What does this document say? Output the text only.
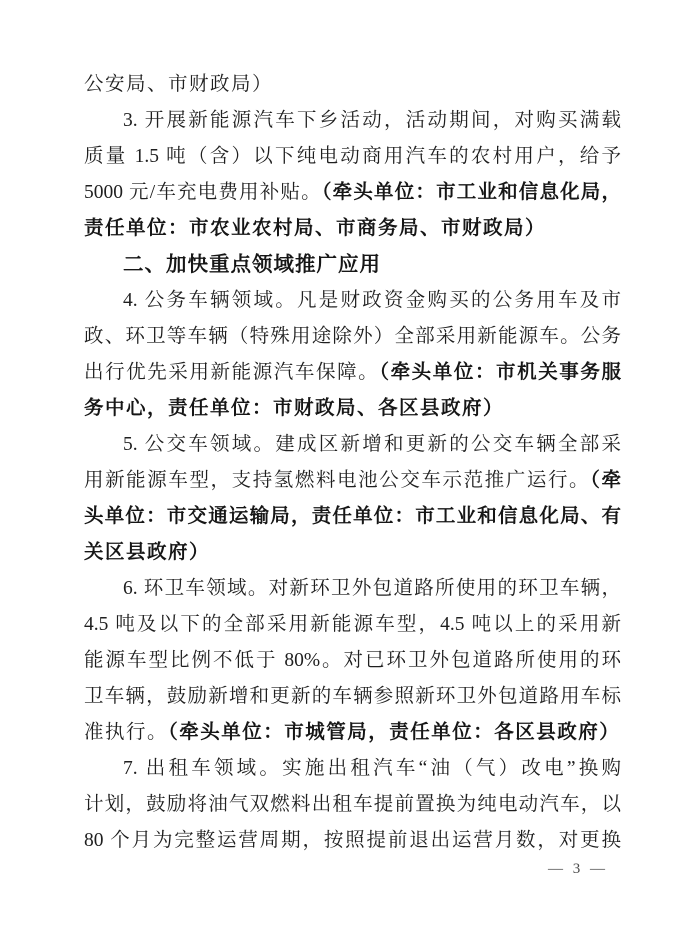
公安局、市财政局）
3. 开展新能源汽车下乡活动，活动期间，对购买满载
质量 1.5 吨（含）以下纯电动商用汽车的农村用户，给予
5000 元/车充电费用补贴。（牵头单位：市工业和信息化局，
责任单位：市农业农村局、市商务局、市财政局）
二、加快重点领域推广应用
4. 公务车辆领域。凡是财政资金购买的公务用车及市
政、环卫等车辆（特殊用途除外）全部采用新能源车。公务
出行优先采用新能源汽车保障。（牵头单位：市机关事务服
务中心，责任单位：市财政局、各区县政府）
5. 公交车领域。建成区新增和更新的公交车辆全部采
用新能源车型，支持氢燃料电池公交车示范推广运行。（牵
头单位：市交通运输局，责任单位：市工业和信息化局、有
关区县政府）
6. 环卫车领域。对新环卫外包道路所使用的环卫车辆，
4.5 吨及以下的全部采用新能源车型，4.5 吨以上的采用新
能源车型比例不低于 80%。对已环卫外包道路所使用的环
卫车辆，鼓励新增和更新的车辆参照新环卫外包道路用车标
准执行。（牵头单位：市城管局，责任单位：各区县政府）
7. 出租车领域。实施出租汽车“油（气）改电”换购
计划，鼓励将油气双燃料出租车提前置换为纯电动汽车，以
80 个月为完整运营周期，按照提前退出运营月数，对更换
— 3 —
